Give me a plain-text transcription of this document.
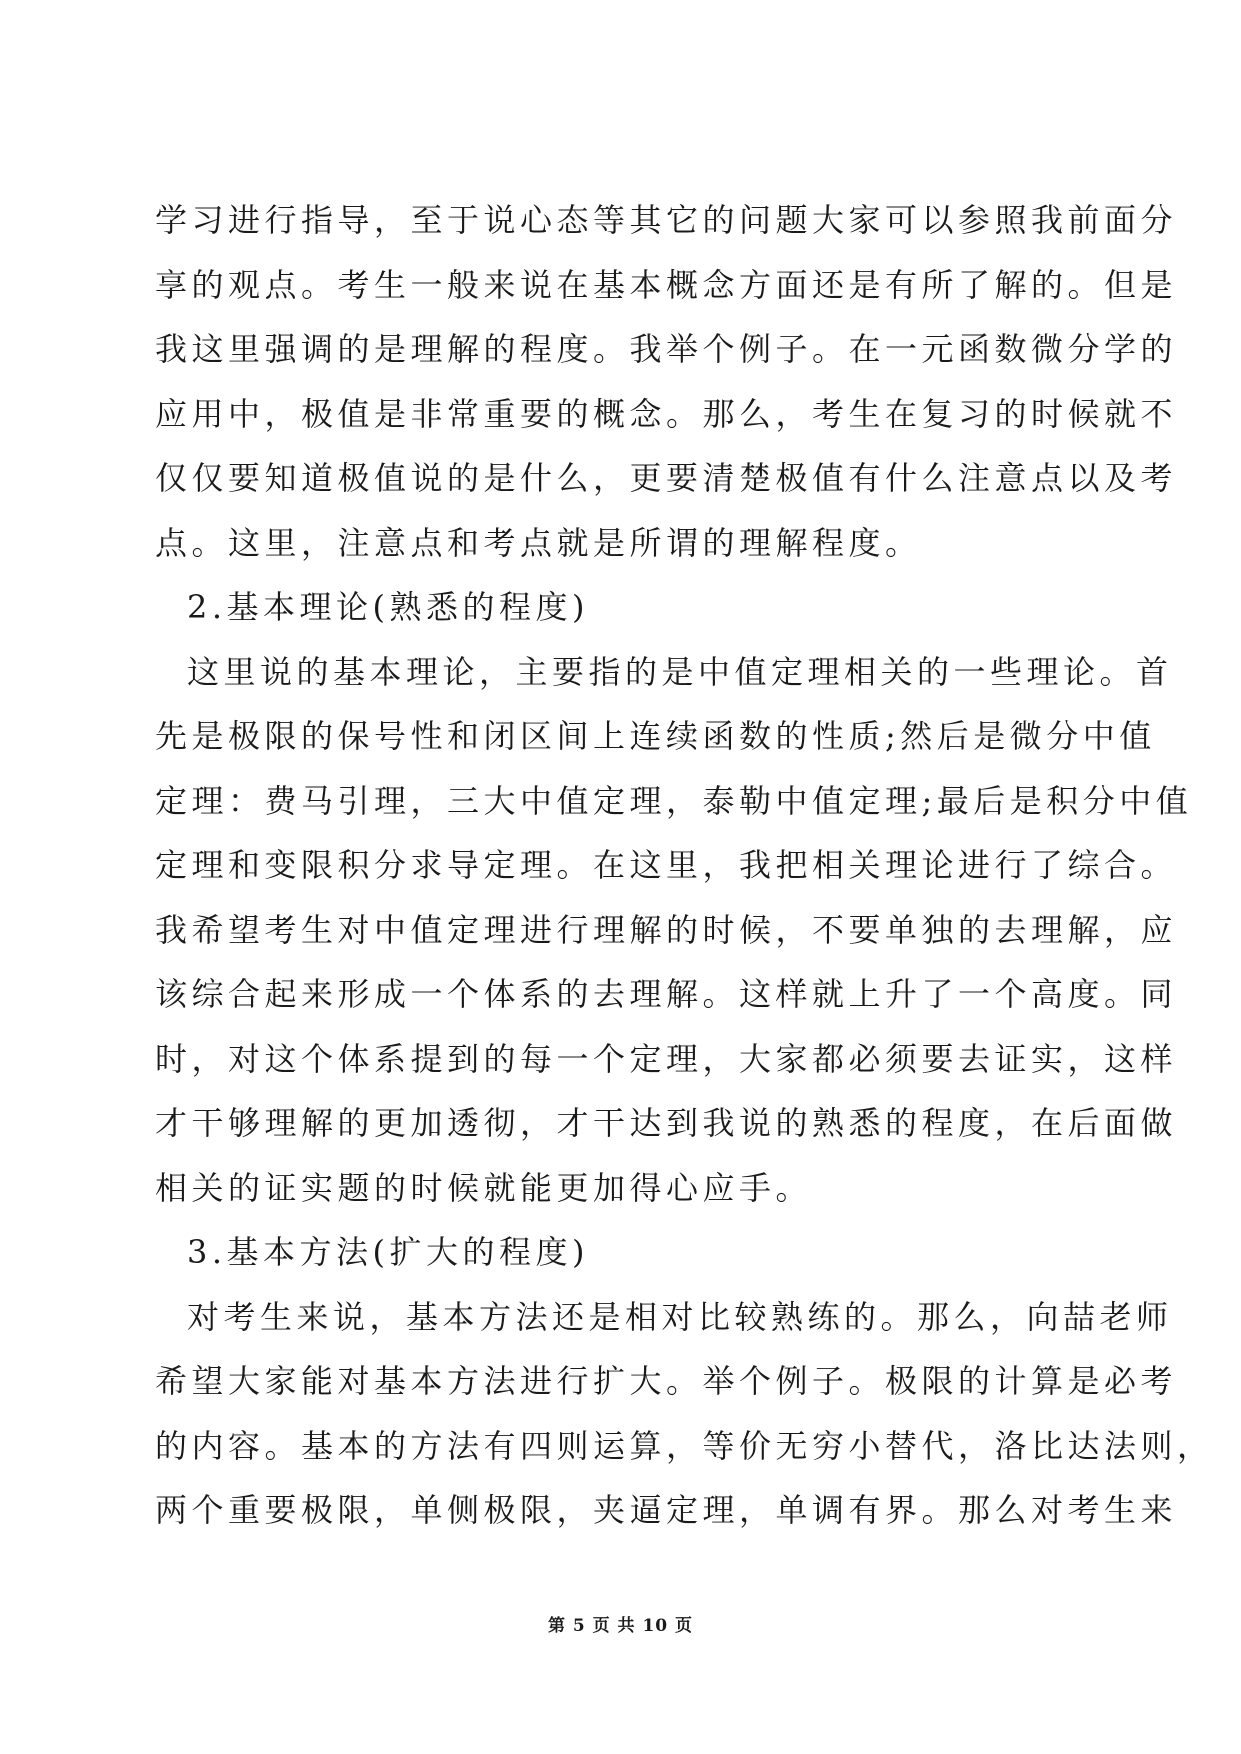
学习进行指导，至于说心态等其它的问题大家可以参照我前面分
享的观点。考生一般来说在基本概念方面还是有所了解的。但是
我这里强调的是理解的程度。我举个例子。在一元函数微分学的
应用中，极值是非常重要的概念。那么，考生在复习的时候就不
仅仅要知道极值说的是什么，更要清楚极值有什么注意点以及考
点。这里，注意点和考点就是所谓的理解程度。
2.基本理论(熟悉的程度)
这里说的基本理论，主要指的是中值定理相关的一些理论。首
先是极限的保号性和闭区间上连续函数的性质;然后是微分中值
定理：费马引理，三大中值定理，泰勒中值定理;最后是积分中值
定理和变限积分求导定理。在这里，我把相关理论进行了综合。
我希望考生对中值定理进行理解的时候，不要单独的去理解，应
该综合起来形成一个体系的去理解。这样就上升了一个高度。同
时，对这个体系提到的每一个定理，大家都必须要去证实，这样
才干够理解的更加透彻，才干达到我说的熟悉的程度，在后面做
相关的证实题的时候就能更加得心应手。
3.基本方法(扩大的程度)
对考生来说，基本方法还是相对比较熟练的。那么，向喆老师
希望大家能对基本方法进行扩大。举个例子。极限的计算是必考
的内容。基本的方法有四则运算，等价无穷小替代，洛比达法则，
两个重要极限，单侧极限，夹逼定理，单调有界。那么对考生来
第 5 页 共 10 页
